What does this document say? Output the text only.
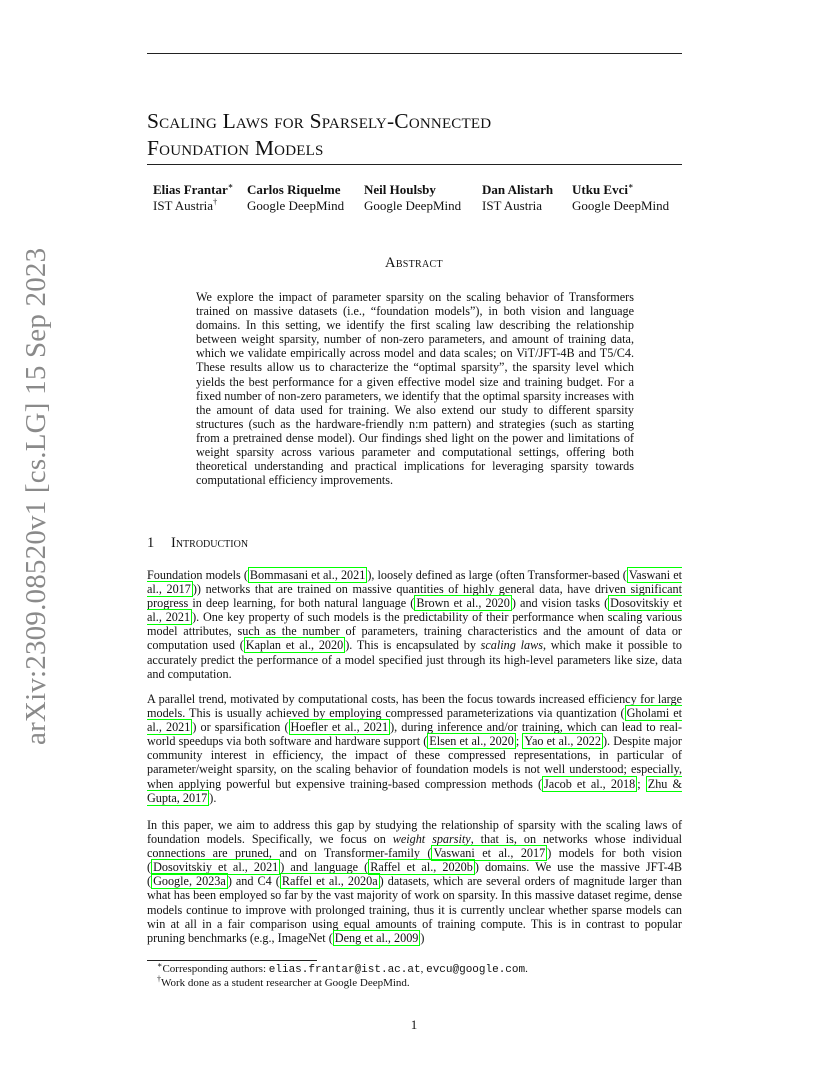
arXiv:2309.08520v1 [cs.LG] 15 Sep 2023
Scaling Laws for Sparsely-Connected
Foundation Models
Elias Frantar∗
IST Austria†
Carlos Riquelme
Google DeepMind
Neil Houlsby
Google DeepMind
Dan Alistarh
IST Austria
Utku Evci∗
Google DeepMind
Abstract
We explore the impact of parameter sparsity on the scaling behavior of Transformers trained on massive datasets (i.e., “foundation models”), in both vision and language domains. In this setting, we identify the first scaling law describing the relationship between weight sparsity, number of non-zero parameters, and amount of training data, which we validate empirically across model and data scales; on ViT/JFT-4B and T5/C4. These results allow us to characterize the “optimal sparsity”, the sparsity level which yields the best performance for a given effective model size and training budget. For a fixed number of non-zero parameters, we identify that the optimal sparsity increases with the amount of data used for training. We also extend our study to different sparsity structures (such as the hardware-friendly n:m pattern) and strategies (such as starting from a pretrained dense model). Our findings shed light on the power and limitations of weight sparsity across various parameter and computational settings, offering both theoretical understanding and practical implications for leveraging sparsity towards computational efficiency improvements.
1 Introduction
Foundation models ( Bommasani et al., 2021 ), loosely defined as large (often Transformer-based ( Vaswani et al., 2017 )) networks that are trained on massive quantities of highly general data, have driven significant progress in deep learning, for both natural language ( Brown et al., 2020 ) and vision tasks ( Dosovitskiy et al., 2021 ). One key property of such models is the predictability of their performance when scaling various model attributes, such as the number of parameters, training characteristics and the amount of data or computation used ( Kaplan et al., 2020 ). This is encapsulated by scaling laws, which make it possible to accurately predict the performance of a model specified just through its high-level parameters like size, data and computation.
A parallel trend, motivated by computational costs, has been the focus towards increased efficiency for large models. This is usually achieved by employing compressed parameterizations via quantization ( Gholami et al., 2021 ) or sparsification ( Hoefler et al., 2021 ), during inference and/or training, which can lead to real-world speedups via both software and hardware support ( Elsen et al., 2020 ; Yao et al., 2022 ). Despite major community interest in efficiency, the impact of these compressed representations, in particular of parameter/weight sparsity, on the scaling behavior of foundation models is not well understood; especially, when applying powerful but expensive training-based compression methods ( Jacob et al., 2018 ; Zhu & Gupta, 2017 ).
In this paper, we aim to address this gap by studying the relationship of sparsity with the scaling laws of foundation models. Specifically, we focus on weight sparsity, that is, on networks whose individual connections are pruned, and on Transformer-family ( Vaswani et al., 2017 ) models for both vision ( Dosovitskiy et al., 2021 ) and language ( Raffel et al., 2020b ) domains. We use the massive JFT-4B ( Google, 2023a ) and C4 ( Raffel et al., 2020a ) datasets, which are several orders of magnitude larger than what has been employed so far by the vast majority of work on sparsity. In this massive dataset regime, dense models continue to improve with prolonged training, thus it is currently unclear whether sparse models can win at all in a fair comparison using equal amounts of training compute. This is in contrast to popular pruning benchmarks (e.g., ImageNet ( Deng et al., 2009 )
∗Corresponding authors: elias.frantar@ist.ac.at, evcu@google.com.
†Work done as a student researcher at Google DeepMind.
1
